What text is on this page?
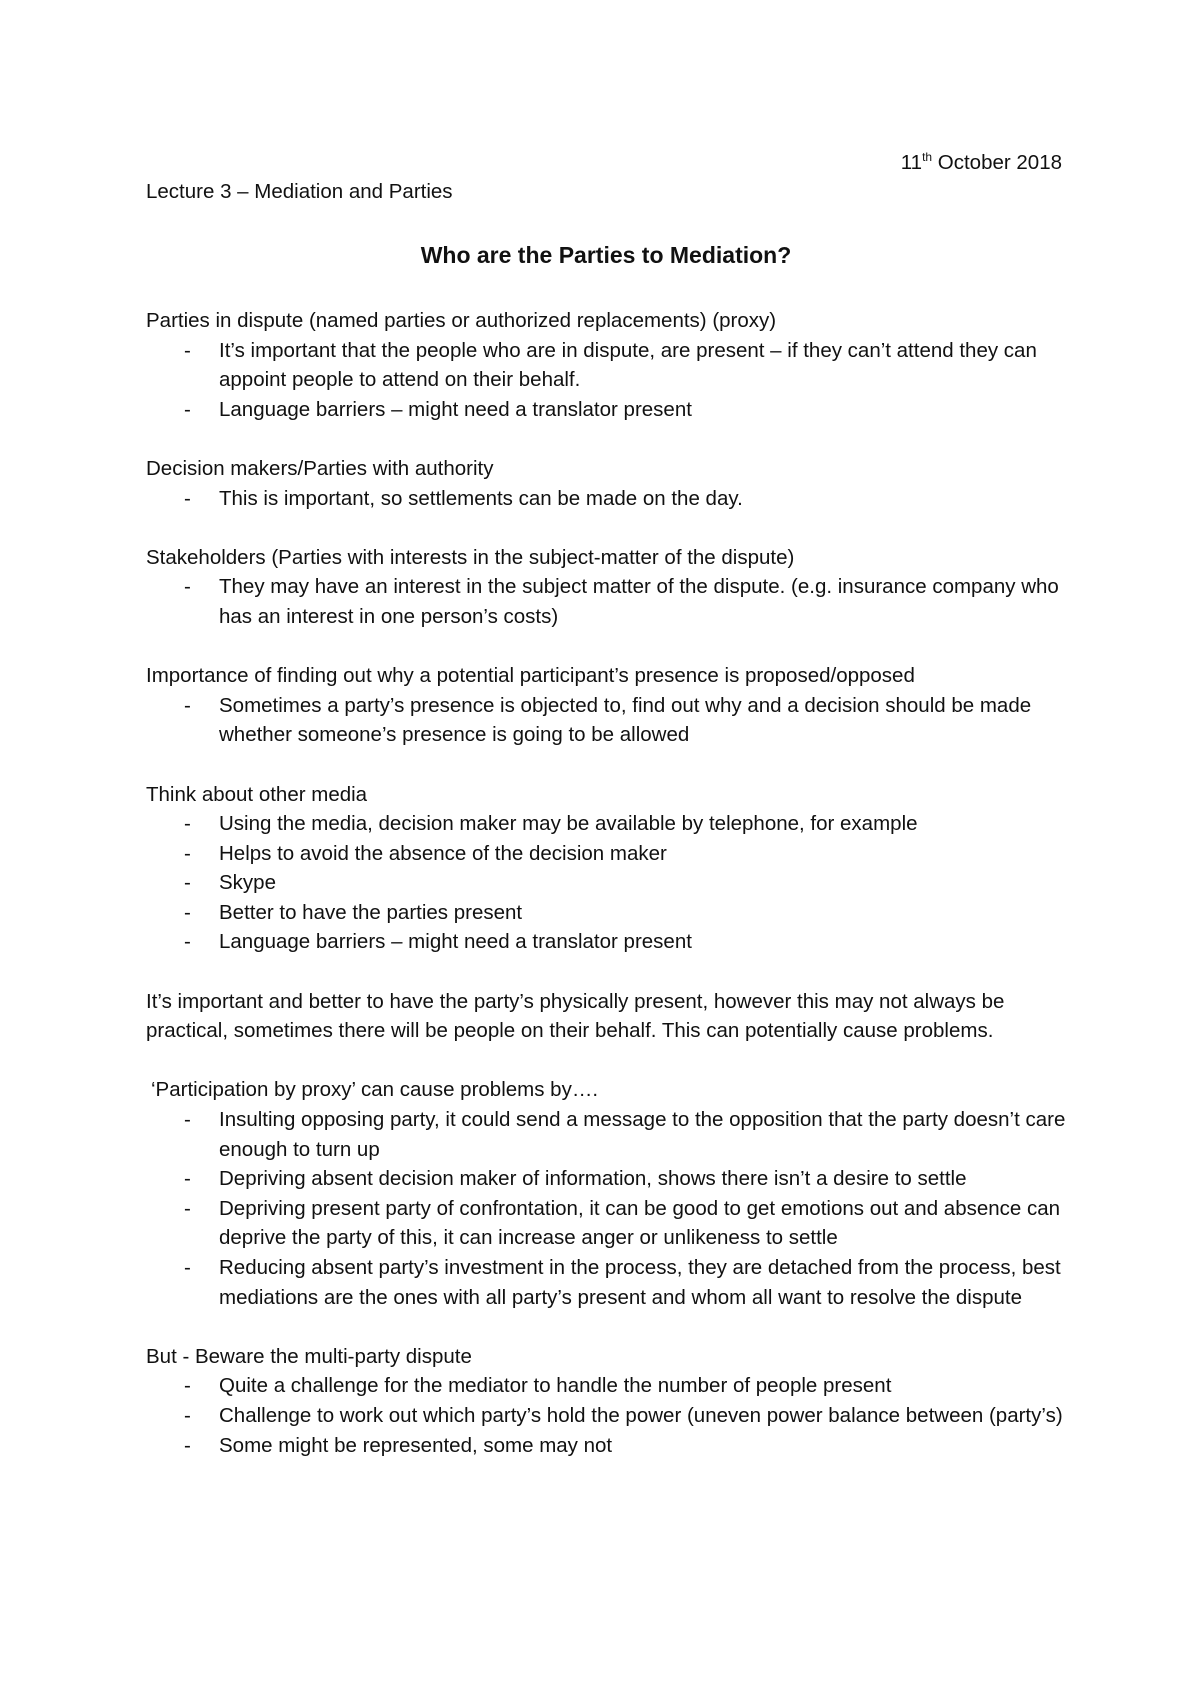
11th October 2018
Lecture 3 – Mediation and Parties
Who are the Parties to Mediation?
Parties in dispute (named parties or authorized replacements) (proxy)
- It’s important that the people who are in dispute, are present – if they can’t attend they can appoint people to attend on their behalf.
- Language barriers – might need a translator present
Decision makers/Parties with authority
- This is important, so settlements can be made on the day.
Stakeholders (Parties with interests in the subject-matter of the dispute)
- They may have an interest in the subject matter of the dispute. (e.g. insurance company who has an interest in one person’s costs)
Importance of finding out why a potential participant’s presence is proposed/opposed
- Sometimes a party’s presence is objected to, find out why and a decision should be made whether someone’s presence is going to be allowed
Think about other media
- Using the media, decision maker may be available by telephone, for example
- Helps to avoid the absence of the decision maker
- Skype
- Better to have the parties present
- Language barriers – might need a translator present
It’s important and better to have the party’s physically present, however this may not always be practical, sometimes there will be people on their behalf. This can potentially cause problems.
‘Participation by proxy’ can cause problems by….
- Insulting opposing party, it could send a message to the opposition that the party doesn’t care enough to turn up
- Depriving absent decision maker of information, shows there isn’t a desire to settle
- Depriving present party of confrontation, it can be good to get emotions out and absence can deprive the party of this, it can increase anger or unlikeness to settle
- Reducing absent party’s investment in the process, they are detached from the process, best mediations are the ones with all party’s present and whom all want to resolve the dispute
But - Beware the multi-party dispute
- Quite a challenge for the mediator to handle the number of people present
- Challenge to work out which party’s hold the power (uneven power balance between (party’s)
- Some might be represented, some may not
